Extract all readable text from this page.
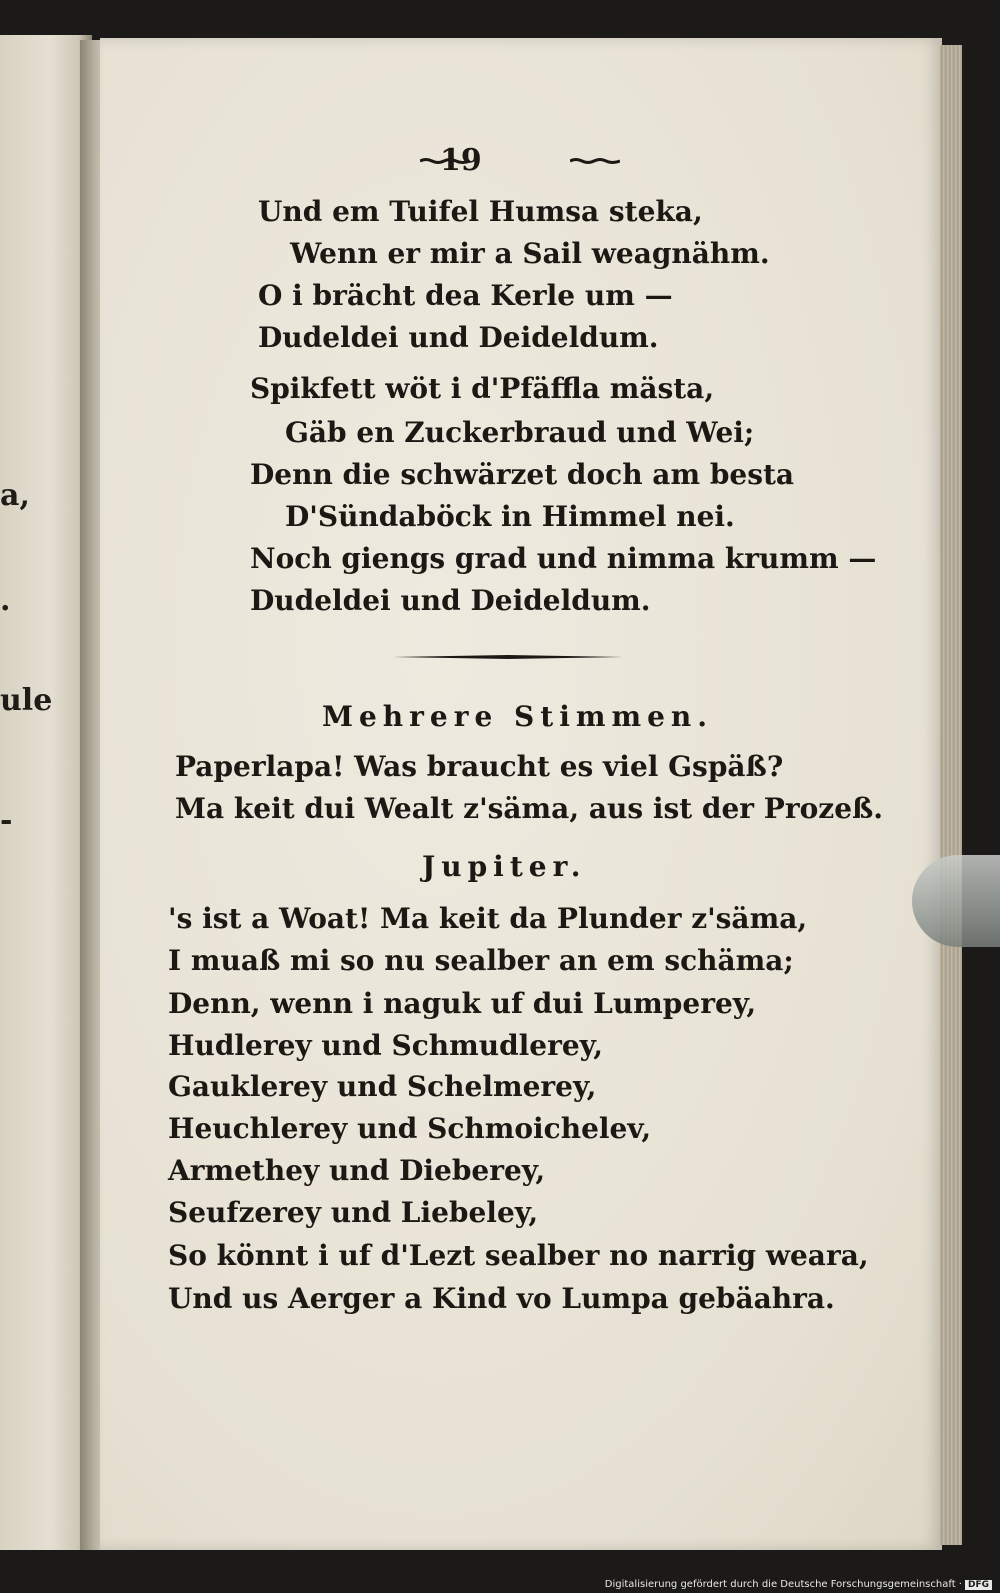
a,
.
ule
-
19
Und em Tuifel Humsa steka,
Wenn er mir a Sail weagnähm.
O i brächt dea Kerle um —
Dudeldei und Deideldum.
Spikfett wöt i d'Pfäffla mästa,
Gäb en Zuckerbraud und Wei;
Denn die schwärzet doch am besta
D'Sündaböck in Himmel nei.
Noch giengs grad und nimma krumm —
Dudeldei und Deideldum.
Mehrere Stimmen.
Paperlapa! Was braucht es viel Gspäß?
Ma keit dui Wealt z'säma, aus ist der Prozeß.
Jupiter.
's ist a Woat! Ma keit da Plunder z'säma,
I muaß mi so nu sealber an em schäma;
Denn, wenn i naguk uf dui Lumperey,
Hudlerey und Schmudlerey,
Gauklerey und Schelmerey,
Heuchlerey und Schmoichelev,
Armethey und Dieberey,
Seufzerey und Liebeley,
So könnt i uf d'Lezt sealber no narrig weara,
Und us Aerger a Kind vo Lumpa gebäahra.
Digitalisierung gefördert durch die Deutsche Forschungsgemeinschaft · DFG
